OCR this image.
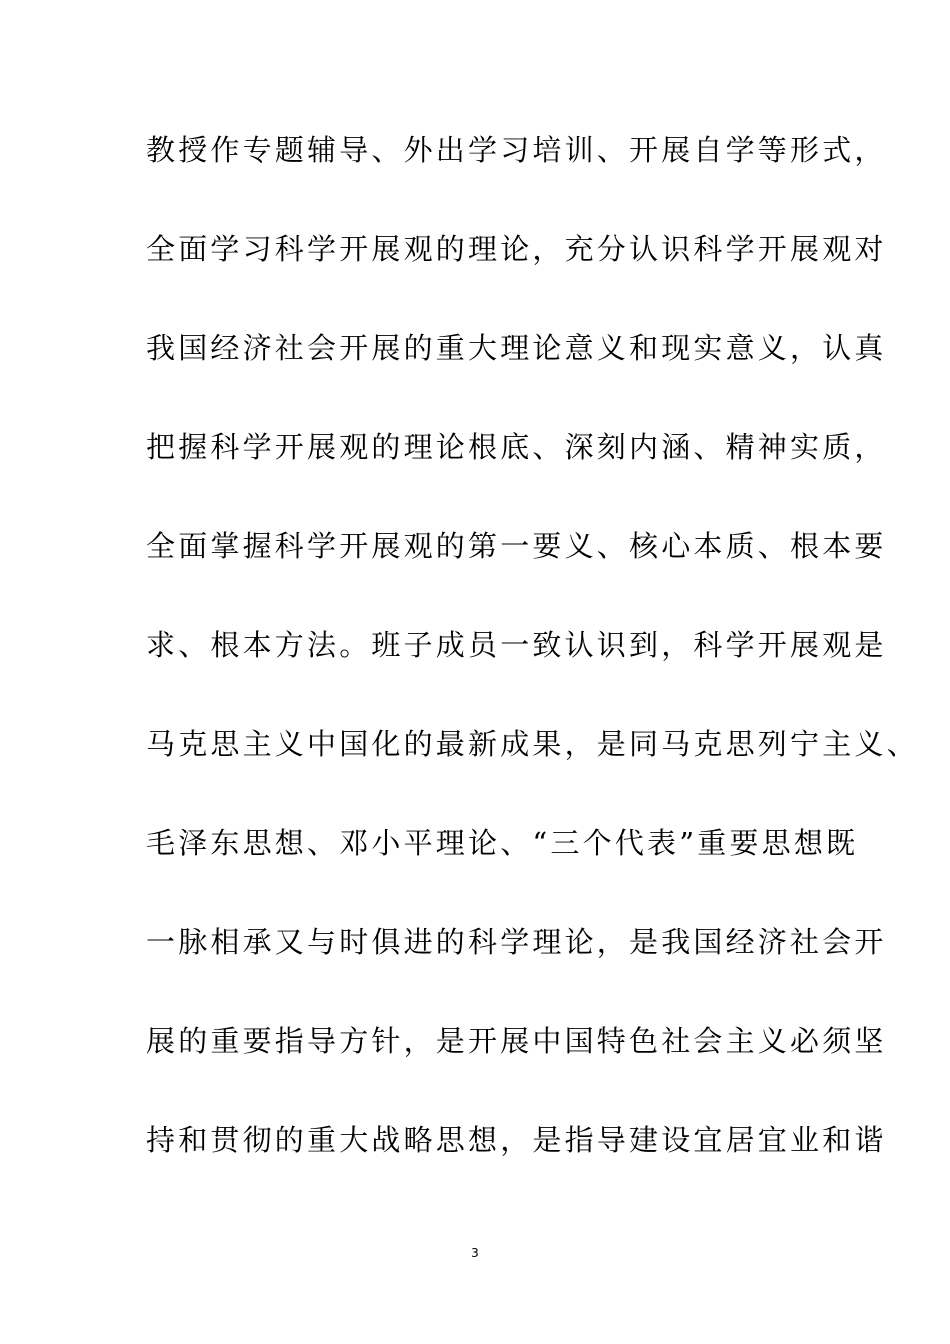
教授作专题辅导、外出学习培训、开展自学等形式，
全面学习科学开展观的理论，充分认识科学开展观对
我国经济社会开展的重大理论意义和现实意义，认真
把握科学开展观的理论根底、深刻内涵、精神实质，
全面掌握科学开展观的第一要义、核心本质、根本要
求、根本方法。班子成员一致认识到，科学开展观是
马克思主义中国化的最新成果，是同马克思列宁主义、
毛泽东思想、邓小平理论、“三个代表”重要思想既
一脉相承又与时俱进的科学理论，是我国经济社会开
展的重要指导方针，是开展中国特色社会主义必须坚
持和贯彻的重大战略思想，是指导建设宜居宜业和谐
3
